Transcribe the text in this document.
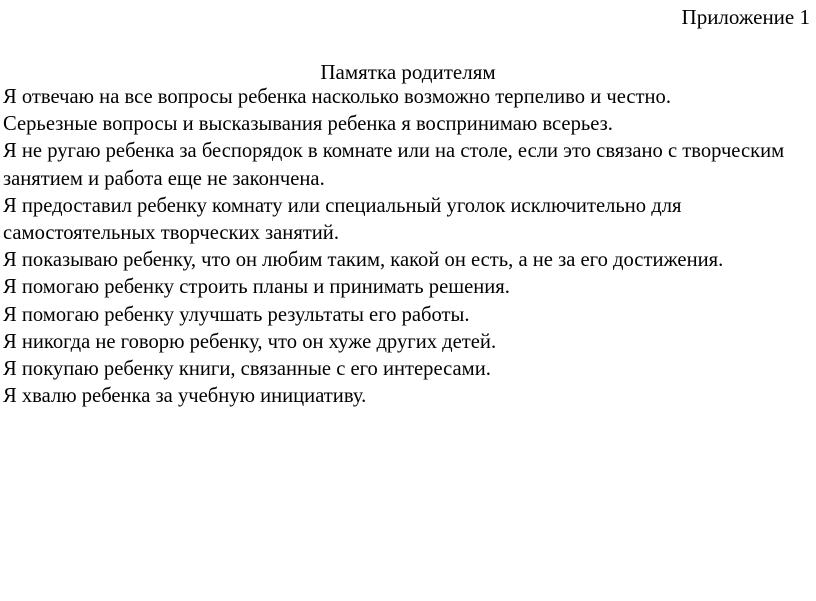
Приложение 1
Памятка родителям
Я отвечаю на все вопросы ребенка насколько возможно терпеливо и честно.
Серьезные вопросы и высказывания ребенка я воспринимаю всерьез.
Я не ругаю ребенка за беспорядок в комнате или на столе, если это связано с творческим занятием и работа еще не закончена.
Я предоставил ребенку комнату или специальный уголок исключительно для самостоятельных творческих занятий.
Я показываю ребенку, что он любим таким, какой он есть, а не за его достижения.
Я помогаю ребенку строить планы и принимать решения.
Я помогаю ребенку улучшать результаты его работы.
Я никогда не говорю ребенку, что он хуже других детей.
Я покупаю ребенку книги, связанные с его интересами.
Я хвалю ребенка за учебную инициативу.
